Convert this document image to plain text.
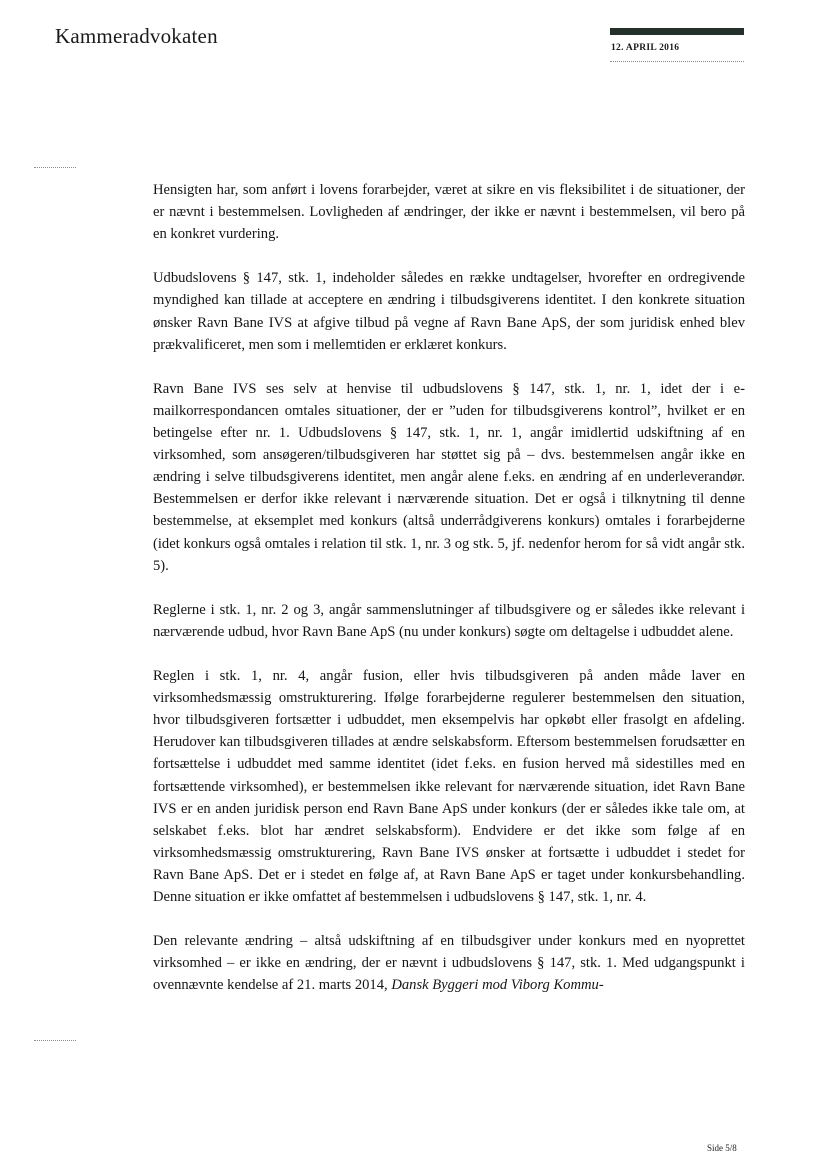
Kammeradvokaten	12. APRIL 2016

Hensigten har, som anført i lovens forarbejder, været at sikre en vis fleksibilitet i de situationer, der er nævnt i bestemmelsen. Lovligheden af ændringer, der ikke er nævnt i bestemmelsen, vil bero på en konkret vurdering.

Udbudslovens § 147, stk. 1, indeholder således en række undtagelser, hvorefter en ordregivende myndighed kan tillade at acceptere en ændring i tilbudsgiverens identitet. I den konkrete situation ønsker Ravn Bane IVS at afgive tilbud på vegne af Ravn Bane ApS, der som juridisk enhed blev prækvalificeret, men som i mellemtiden er erklæret konkurs.

Ravn Bane IVS ses selv at henvise til udbudslovens § 147, stk. 1, nr. 1, idet der i e-mailkorrespondancen omtales situationer, der er ”uden for tilbudsgiverens kontrol”, hvilket er en betingelse efter nr. 1. Udbudslovens § 147, stk. 1, nr. 1, angår imidlertid udskiftning af en virksomhed, som ansøgeren/tilbudsgiveren har støttet sig på – dvs. bestemmelsen angår ikke en ændring i selve tilbudsgiverens identitet, men angår alene f.eks. en ændring af en underleverandør. Bestemmelsen er derfor ikke relevant i nærværende situation. Det er også i tilknytning til denne bestemmelse, at eksemplet med konkurs (altså underrådgiverens konkurs) omtales i forarbejderne (idet konkurs også omtales i relation til stk. 1, nr. 3 og stk. 5, jf. nedenfor herom for så vidt angår stk. 5).

Reglerne i stk. 1, nr. 2 og 3, angår sammenslutninger af tilbudsgivere og er således ikke relevant i nærværende udbud, hvor Ravn Bane ApS (nu under konkurs) søgte om deltagelse i udbuddet alene.

Reglen i stk. 1, nr. 4, angår fusion, eller hvis tilbudsgiveren på anden måde laver en virksomhedsmæssig omstrukturering. Ifølge forarbejderne regulerer bestemmelsen den situation, hvor tilbudsgiveren fortsætter i udbuddet, men eksempelvis har opkøbt eller frasolgt en afdeling. Herudover kan tilbudsgiveren tillades at ændre selskabsform. Eftersom bestemmelsen forudsætter en fortsættelse i udbuddet med samme identitet (idet f.eks. en fusion herved må sidestilles med en fortsættende virksomhed), er bestemmelsen ikke relevant for nærværende situation, idet Ravn Bane IVS er en anden juridisk person end Ravn Bane ApS under konkurs (der er således ikke tale om, at selskabet f.eks. blot har ændret selskabsform). Endvidere er det ikke som følge af en virksomhedsmæssig omstrukturering, Ravn Bane IVS ønsker at fortsætte i udbuddet i stedet for Ravn Bane ApS. Det er i stedet en følge af, at Ravn Bane ApS er taget under konkursbehandling. Denne situation er ikke omfattet af bestemmelsen i udbudslovens § 147, stk. 1, nr. 4.

Den relevante ændring – altså udskiftning af en tilbudsgiver under konkurs med en nyoprettet virksomhed – er ikke en ændring, der er nævnt i udbudslovens § 147, stk. 1. Med udgangspunkt i ovennævnte kendelse af 21. marts 2014, Dansk Byggeri mod Viborg Kommu-

Side 5/8
